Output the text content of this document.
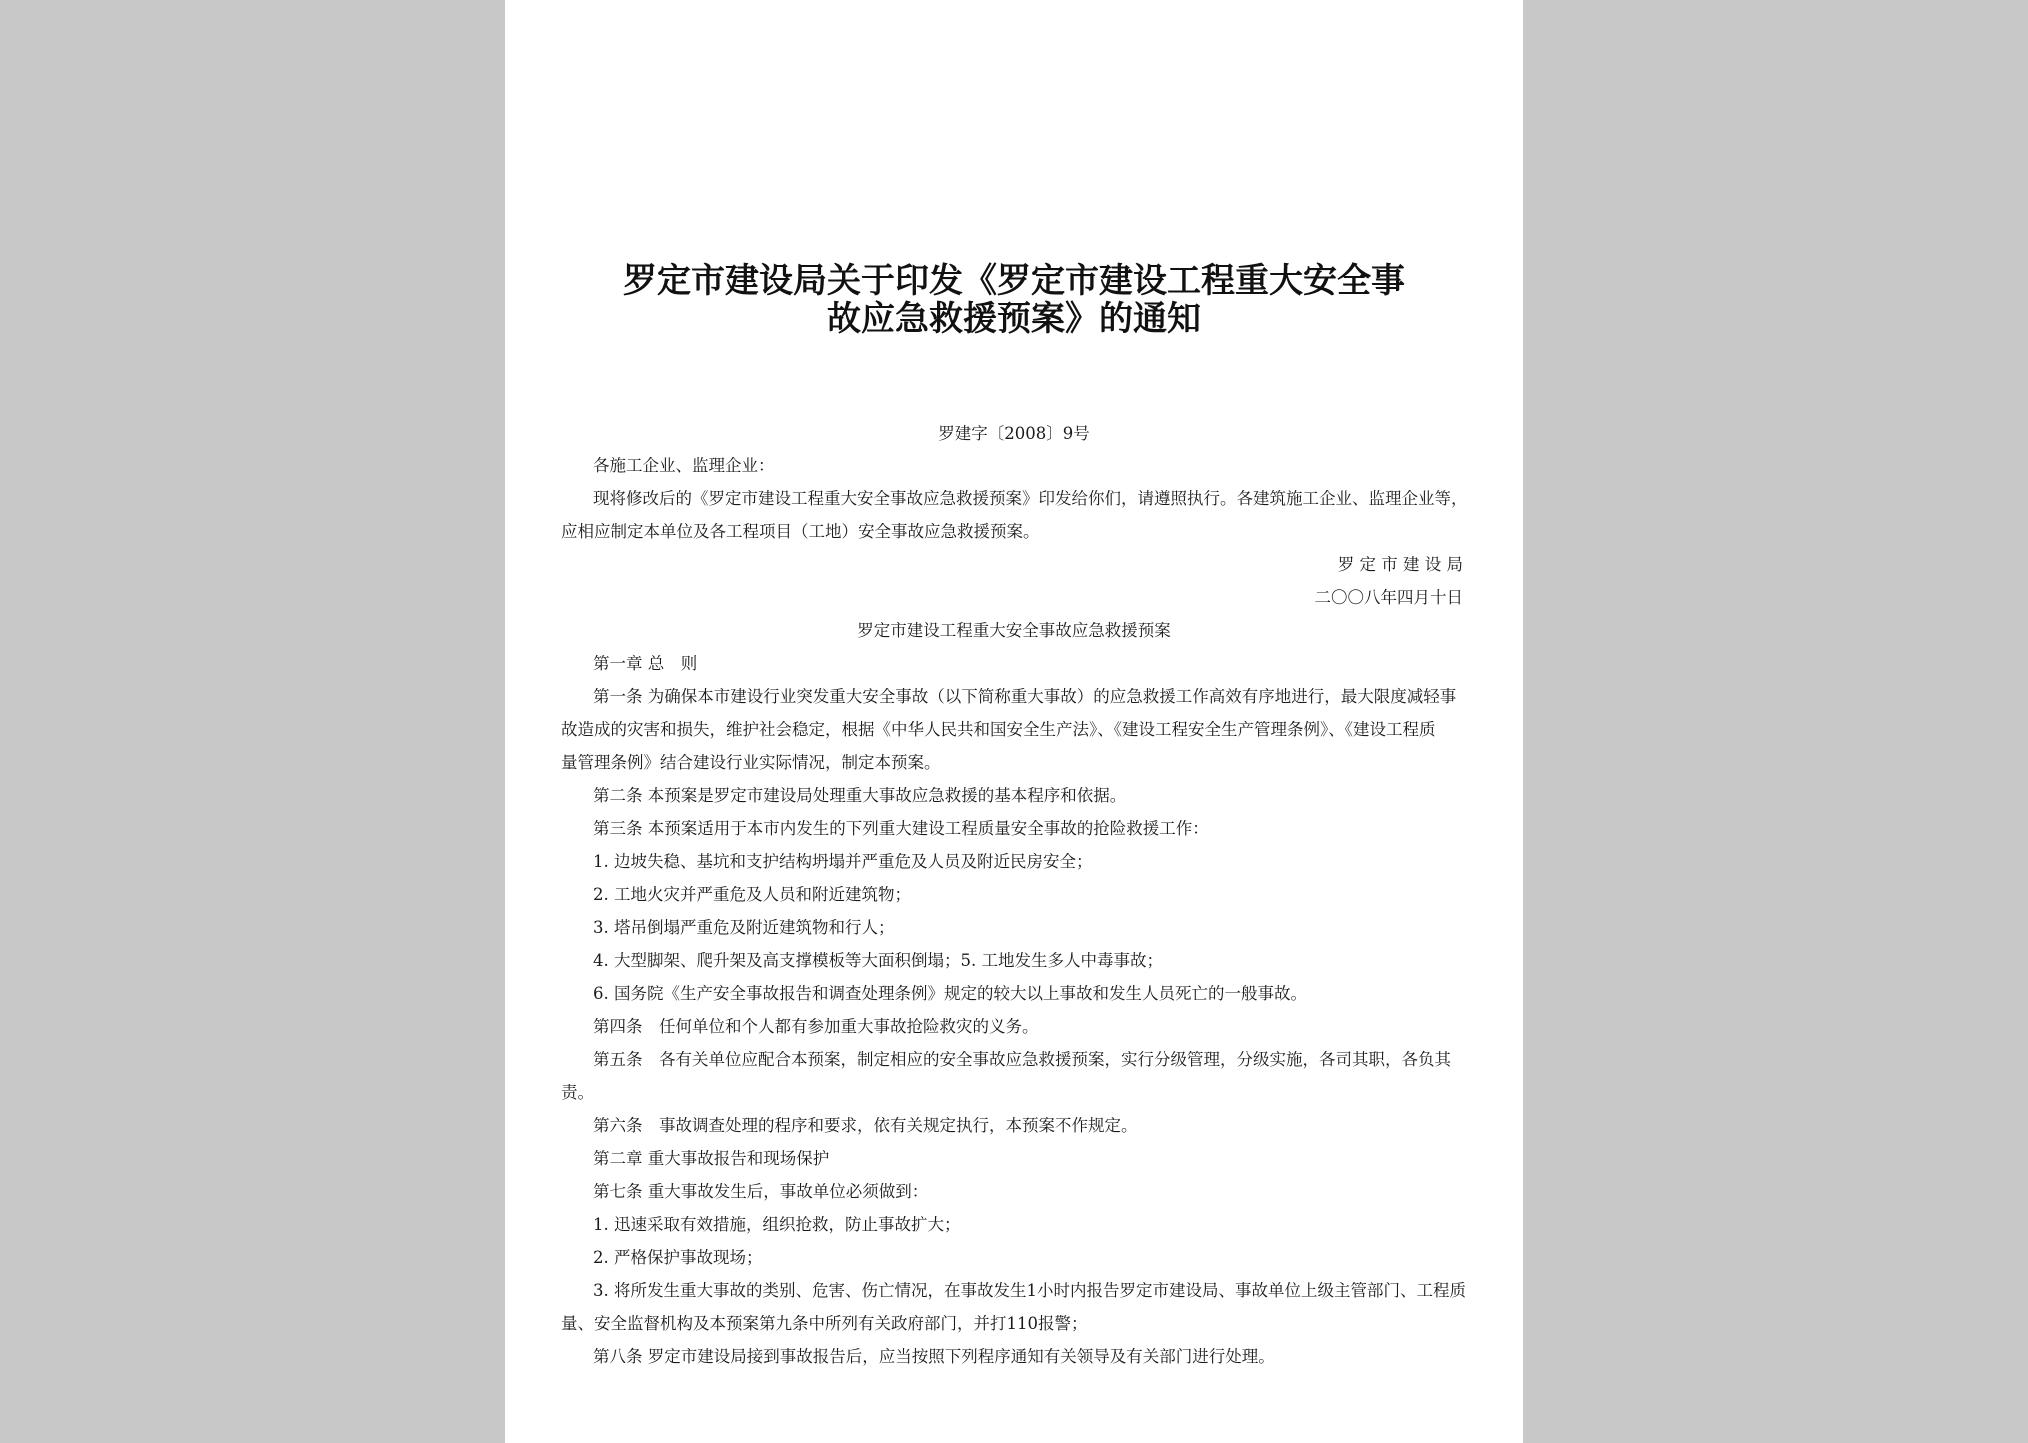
罗定市建设局关于印发《罗定市建设工程重大安全事
故应急救援预案》的通知
罗建字〔2008〕9号
各施工企业、监理企业：
现将修改后的《罗定市建设工程重大安全事故应急救援预案》印发给你们，请遵照执行。各建筑施工企业、监理企业等，
应相应制定本单位及各工程项目（工地）安全事故应急救援预案。
罗 定 市 建 设 局
二〇〇八年四月十日
罗定市建设工程重大安全事故应急救援预案
第一章 总　则
第一条 为确保本市建设行业突发重大安全事故（以下简称重大事故）的应急救援工作高效有序地进行，最大限度减轻事
故造成的灾害和损失，维护社会稳定，根据《中华人民共和国安全生产法》、《建设工程安全生产管理条例》、《建设工程质
量管理条例》结合建设行业实际情况，制定本预案。
第二条 本预案是罗定市建设局处理重大事故应急救援的基本程序和依据。
第三条 本预案适用于本市内发生的下列重大建设工程质量安全事故的抢险救援工作：
1. 边坡失稳、基坑和支护结构坍塌并严重危及人员及附近民房安全；
2. 工地火灾并严重危及人员和附近建筑物；
3. 塔吊倒塌严重危及附近建筑物和行人；
4. 大型脚架、爬升架及高支撑模板等大面积倒塌；5. 工地发生多人中毒事故；
6. 国务院《生产安全事故报告和调查处理条例》规定的较大以上事故和发生人员死亡的一般事故。
第四条　任何单位和个人都有参加重大事故抢险救灾的义务。
第五条　各有关单位应配合本预案，制定相应的安全事故应急救援预案，实行分级管理，分级实施，各司其职，各负其
责。
第六条　事故调查处理的程序和要求，依有关规定执行，本预案不作规定。
第二章 重大事故报告和现场保护
第七条 重大事故发生后，事故单位必须做到：
1. 迅速采取有效措施，组织抢救，防止事故扩大；
2. 严格保护事故现场；
3. 将所发生重大事故的类别、危害、伤亡情况，在事故发生1小时内报告罗定市建设局、事故单位上级主管部门、工程质
量、安全监督机构及本预案第九条中所列有关政府部门，并打110报警；
第八条 罗定市建设局接到事故报告后，应当按照下列程序通知有关领导及有关部门进行处理。
